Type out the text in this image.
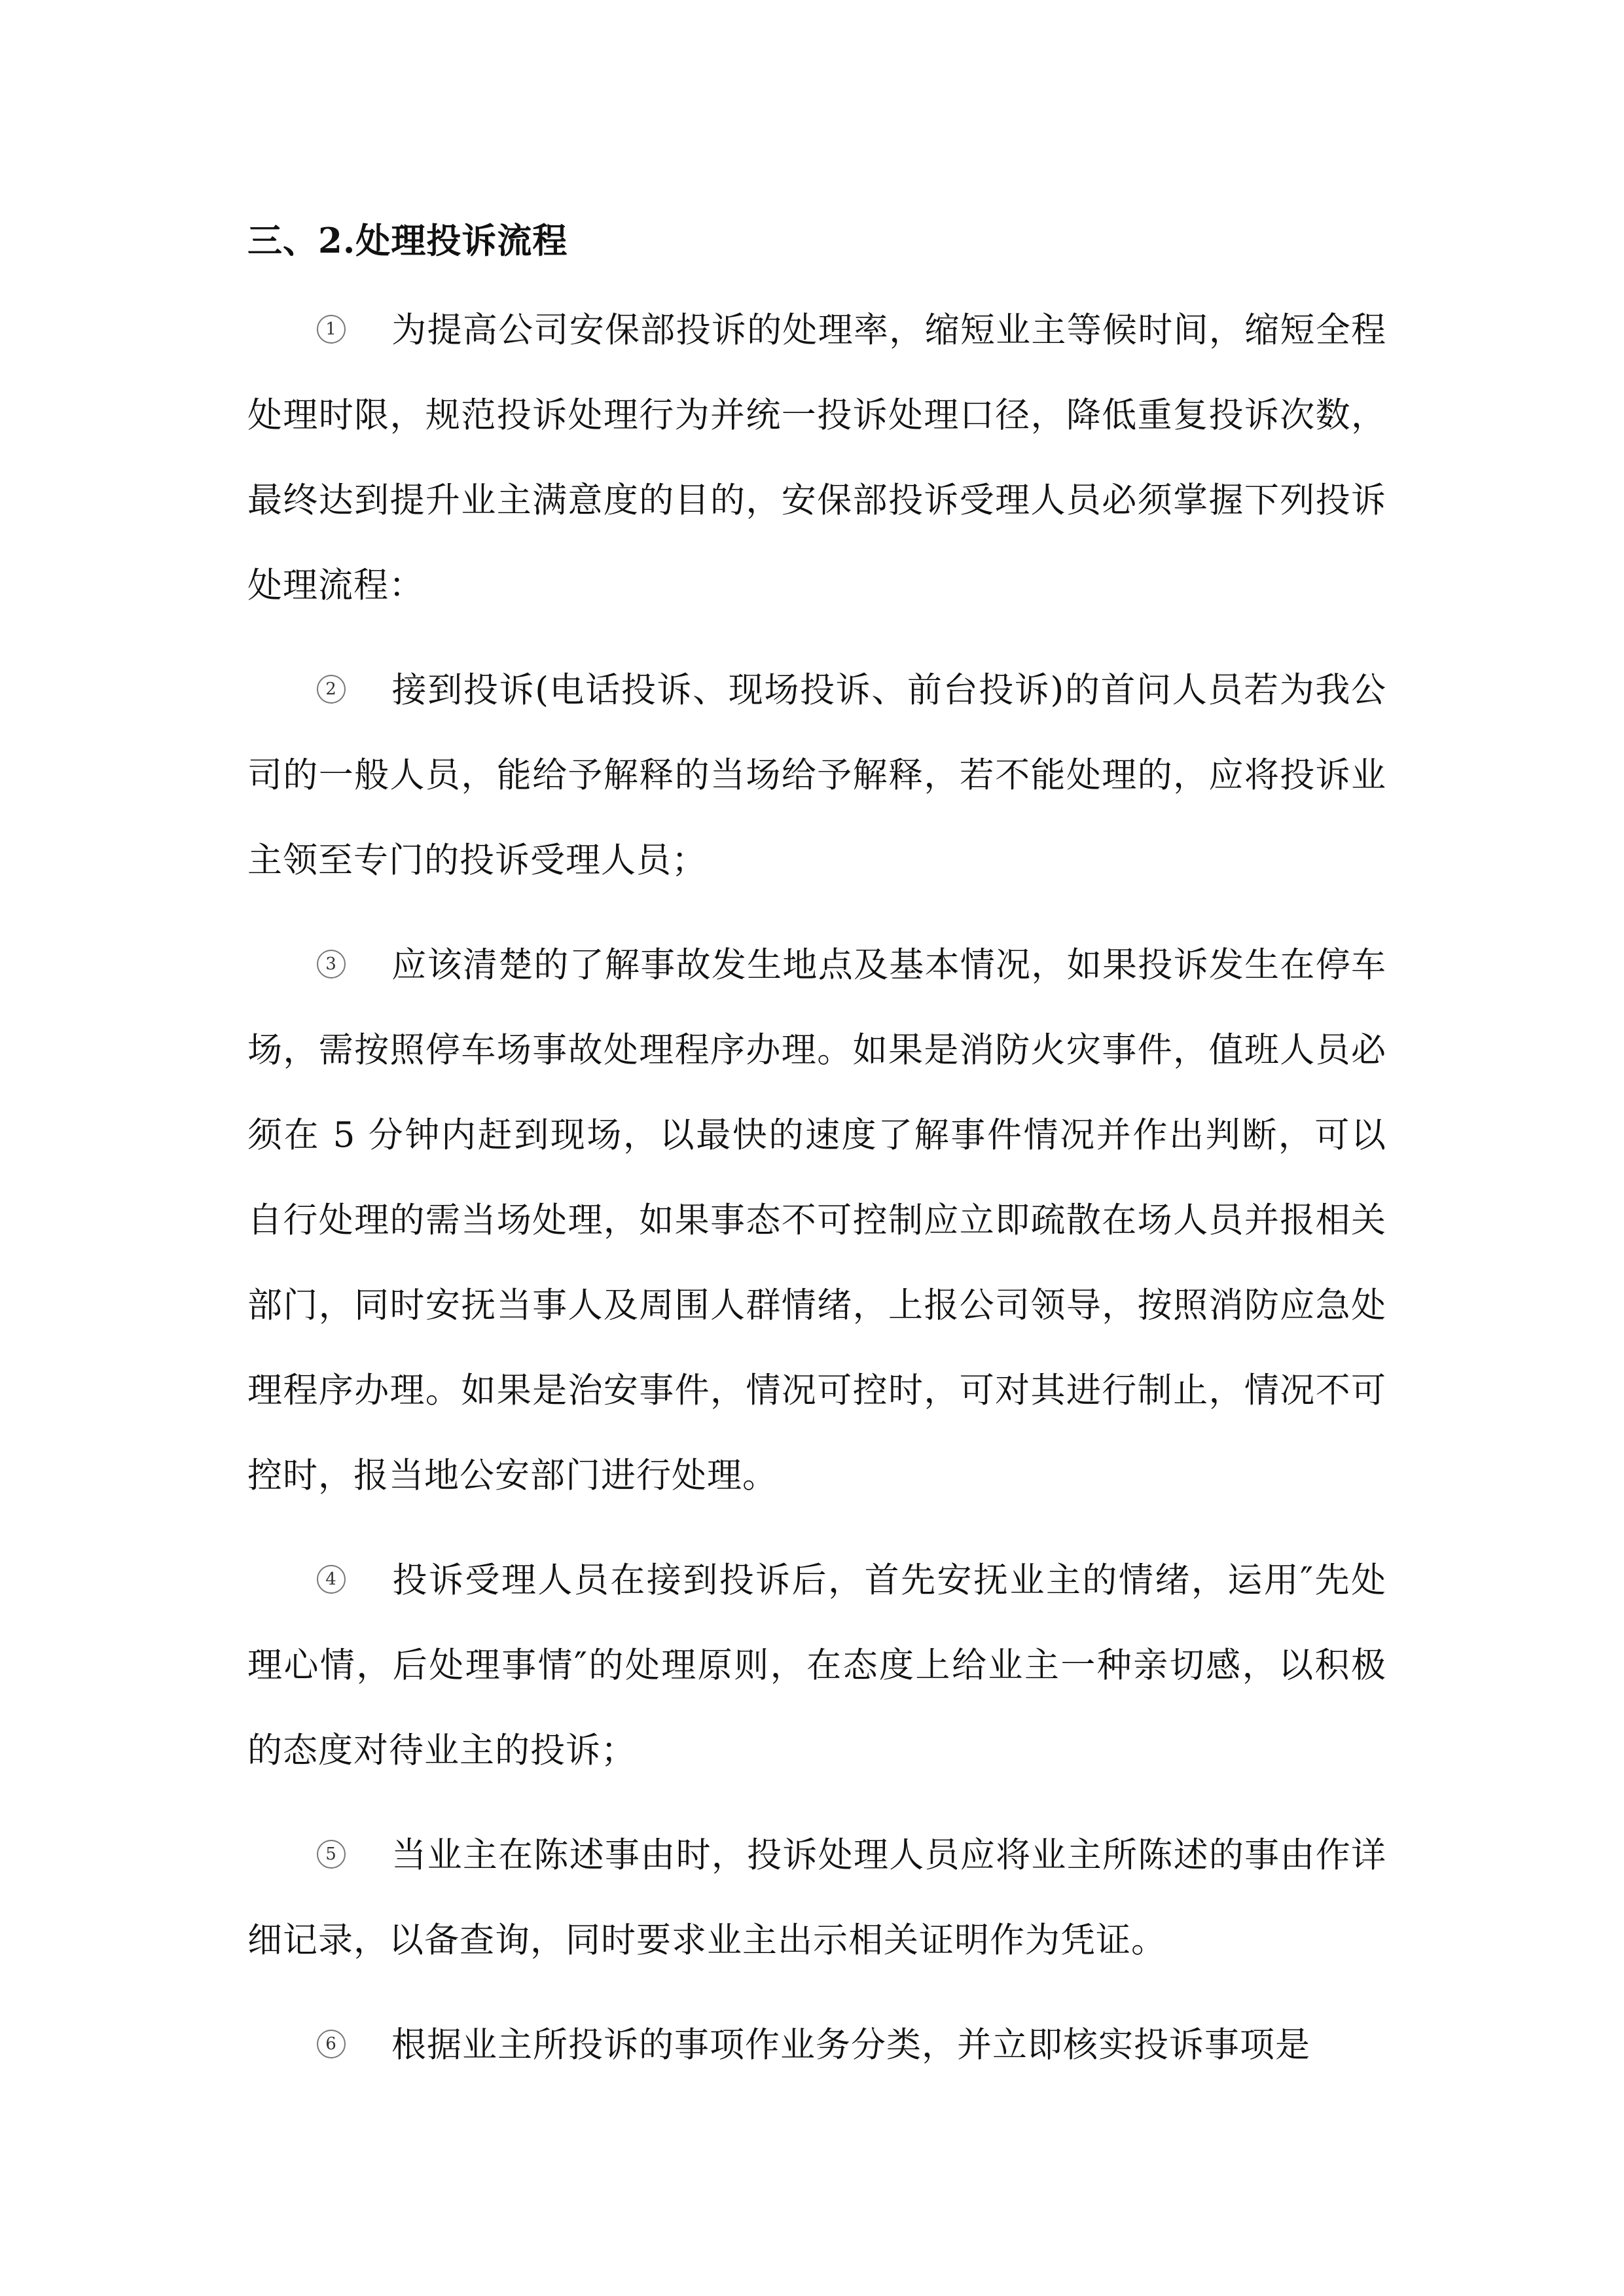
三、2.处理投诉流程

1 为提高公司安保部投诉的处理率，缩短业主等候时间，缩短全程处理时限，规范投诉处理行为并统一投诉处理口径，降低重复投诉次数，最终达到提升业主满意度的目的，安保部投诉受理人员必须掌握下列投诉处理流程：

2 接到投诉(电话投诉、现场投诉、前台投诉)的首问人员若为我公司的一般人员，能给予解释的当场给予解释，若不能处理的，应将投诉业主领至专门的投诉受理人员；

3 应该清楚的了解事故发生地点及基本情况，如果投诉发生在停车场，需按照停车场事故处理程序办理。如果是消防火灾事件，值班人员必须在 5 分钟内赶到现场，以最快的速度了解事件情况并作出判断，可以自行处理的需当场处理，如果事态不可控制应立即疏散在场人员并报相关部门，同时安抚当事人及周围人群情绪，上报公司领导，按照消防应急处理程序办理。如果是治安事件，情况可控时，可对其进行制止，情况不可控时，报当地公安部门进行处理。

4 投诉受理人员在接到投诉后，首先安抚业主的情绪，运用″先处理心情，后处理事情″的处理原则，在态度上给业主一种亲切感，以积极的态度对待业主的投诉；

5 当业主在陈述事由时，投诉处理人员应将业主所陈述的事由作详细记录，以备查询，同时要求业主出示相关证明作为凭证。

6 根据业主所投诉的事项作业务分类，并立即核实投诉事项是
